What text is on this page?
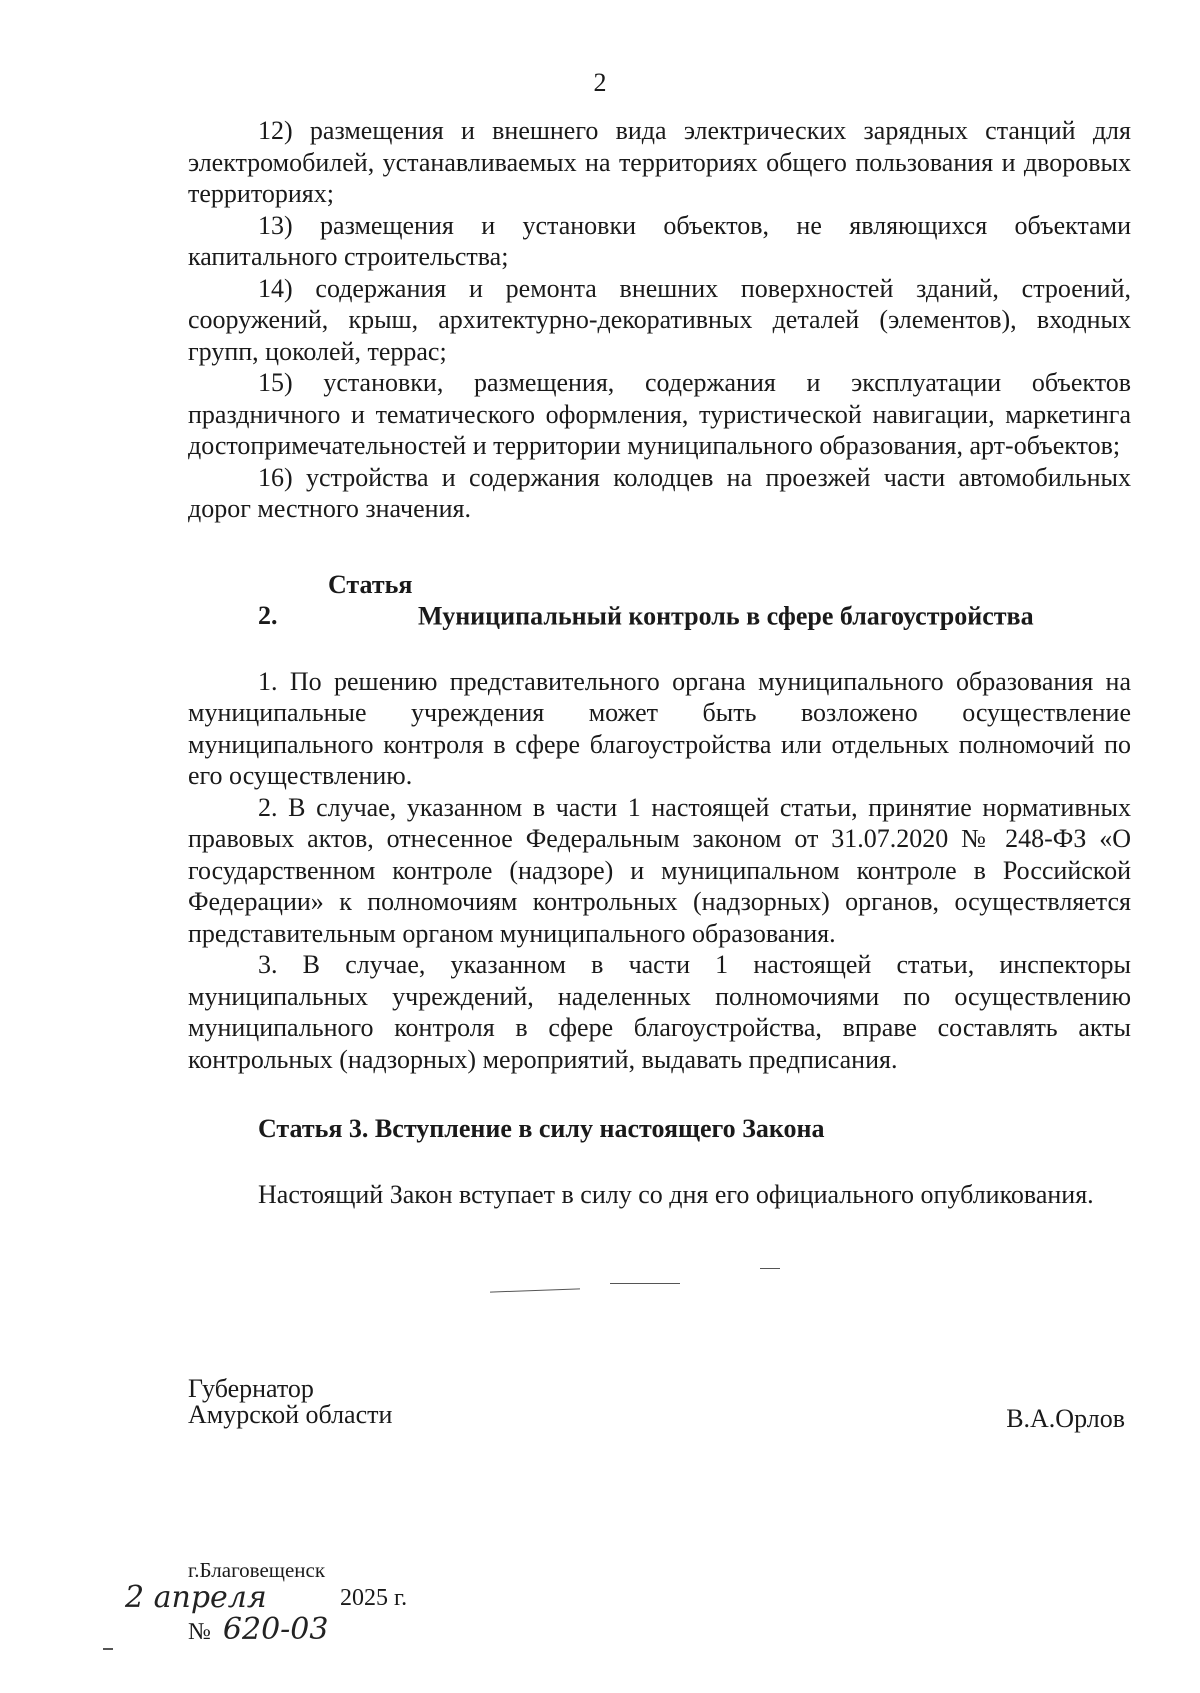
2

12) размещения и внешнего вида электрических зарядных станций для электромобилей, устанавливаемых на территориях общего пользования и дворовых территориях;

13) размещения и установки объектов, не являющихся объектами капитального строительства;

14) содержания и ремонта внешних поверхностей зданий, строений, сооружений, крыш, архитектурно-декоративных деталей (элементов), входных групп, цоколей, террас;

15) установки, размещения, содержания и эксплуатации объектов праздничного и тематического оформления, туристической навигации, маркетинга достопримечательностей и территории муниципального образования, арт-объектов;

16) устройства и содержания колодцев на проезжей части автомобильных дорог местного значения.

Статья 2.	Муниципальный контроль в сфере благоустройства

1. По решению представительного органа муниципального образования на муниципальные учреждения может быть возложено осуществление муниципального контроля в сфере благоустройства или отдельных полномочий по его осуществлению.

2. В случае, указанном в части 1 настоящей статьи, принятие нормативных правовых актов, отнесенное Федеральным законом от 31.07.2020 № 248-ФЗ «О государственном контроле (надзоре) и муниципальном контроле в Российской Федерации» к полномочиям контрольных (надзорных) органов, осуществляется представительным органом муниципального образования.

3. В случае, указанном в части 1 настоящей статьи, инспекторы муниципальных учреждений, наделенных полномочиями по осуществлению муниципального контроля в сфере благоустройства, вправе составлять акты контрольных (надзорных) мероприятий, выдавать предписания.

Статья 3. Вступление в силу настоящего Закона

Настоящий Закон вступает в силу со дня его официального опубликования.

Губернатор
Амурской области	В.А.Орлов
г.Благовещенск
2 апреля	2025 г.
№ 620-03
